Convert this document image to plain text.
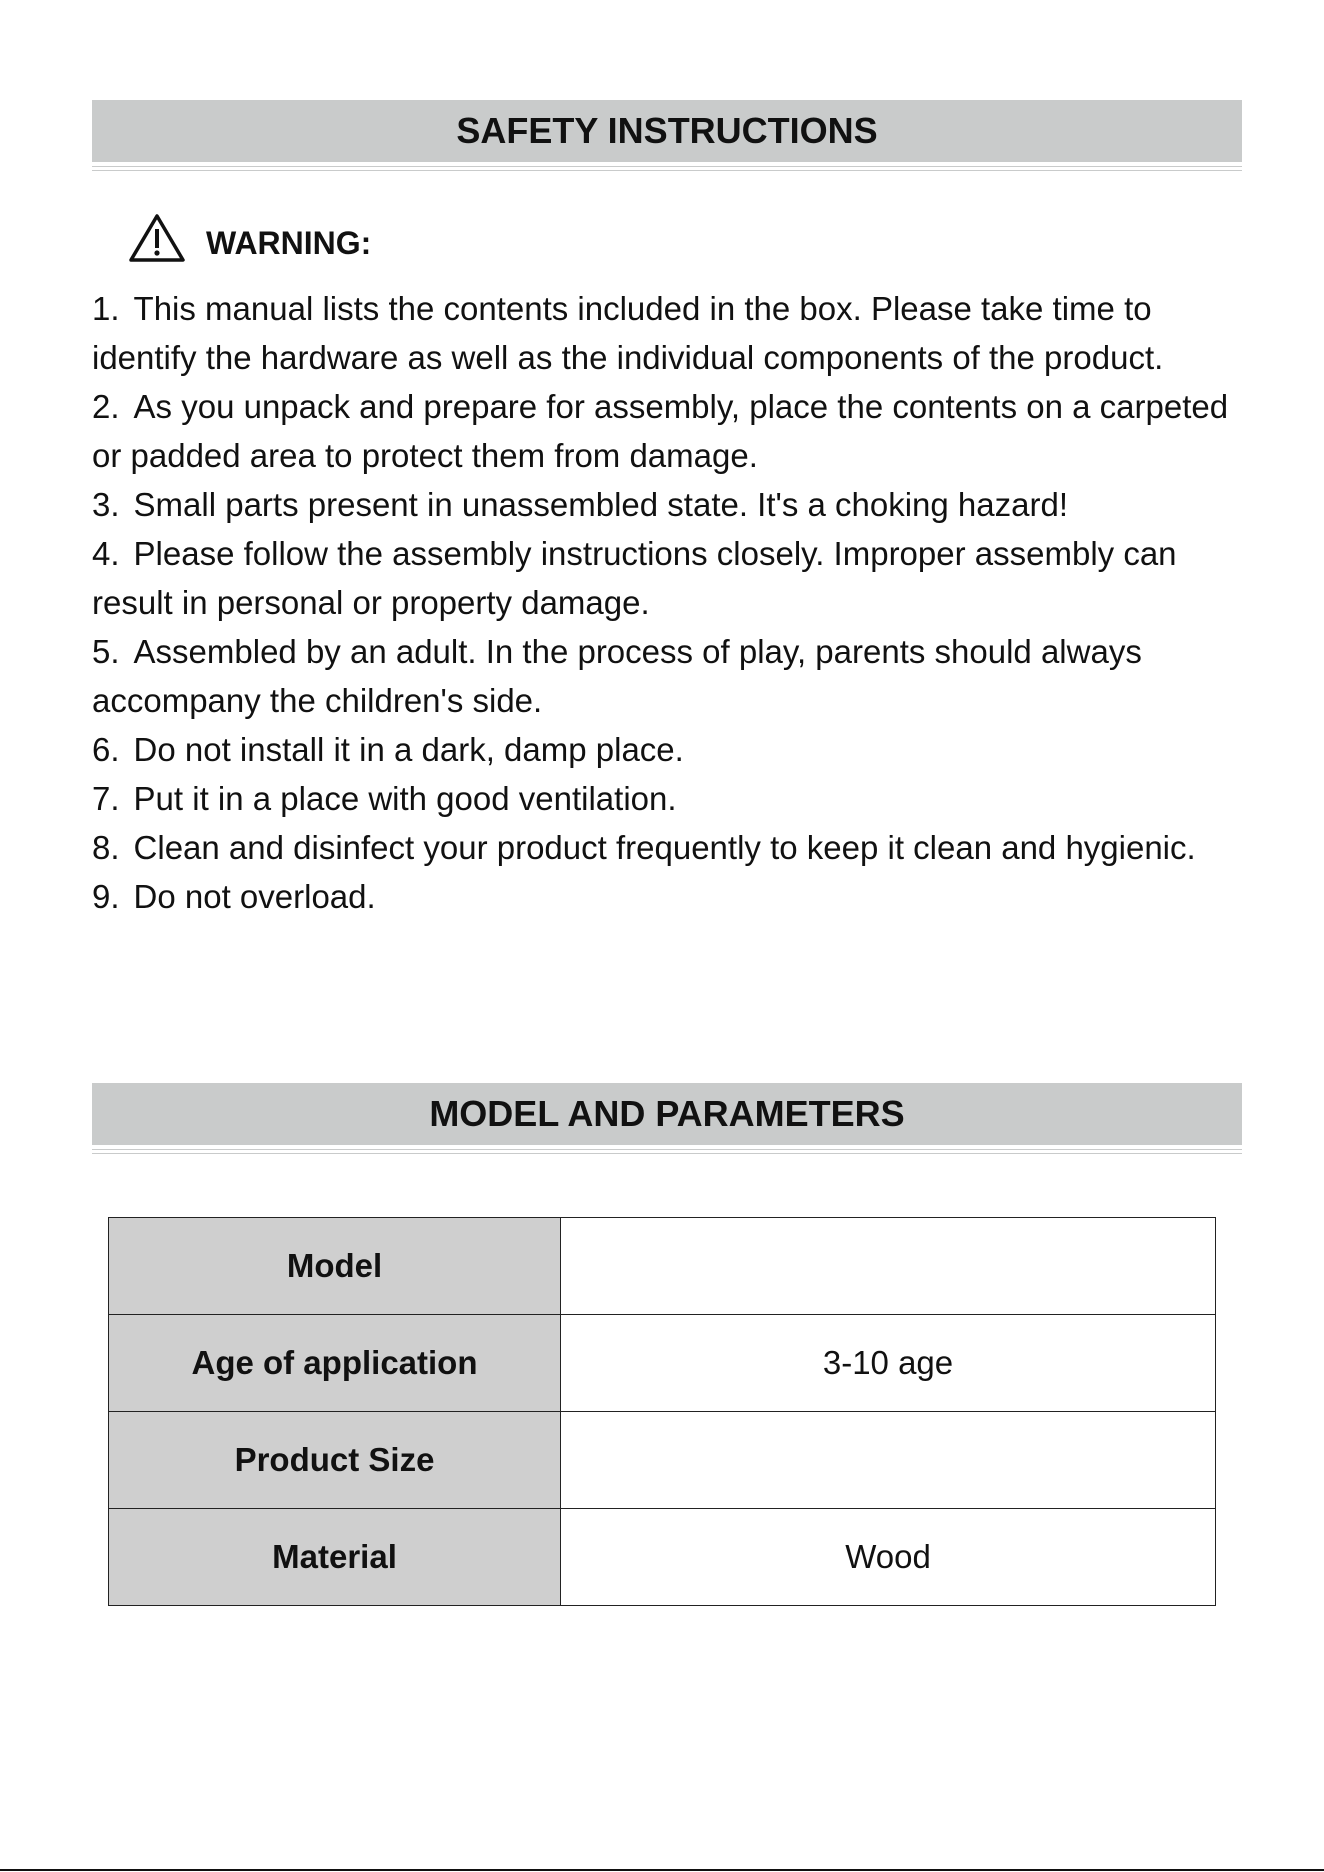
SAFETY INSTRUCTIONS
WARNING:
1. This manual lists the contents included in the box. Please take time to identify the hardware as well as the individual components of the product.
2. As you unpack and prepare for assembly, place the contents on a carpeted or padded area to protect them from damage.
3. Small parts present in unassembled state. It's a choking hazard!
4. Please follow the assembly instructions closely. Improper assembly can result in personal or property damage.
5. Assembled by an adult. In the process of play, parents should always accompany the children's side.
6. Do not install it in a dark, damp place.
7. Put it in a place with good ventilation.
8. Clean and disinfect your product frequently to keep it clean and hygienic.
9. Do not overload.
MODEL AND PARAMETERS
Model	
Age of application	3-10 age
Product Size	
Material	Wood
